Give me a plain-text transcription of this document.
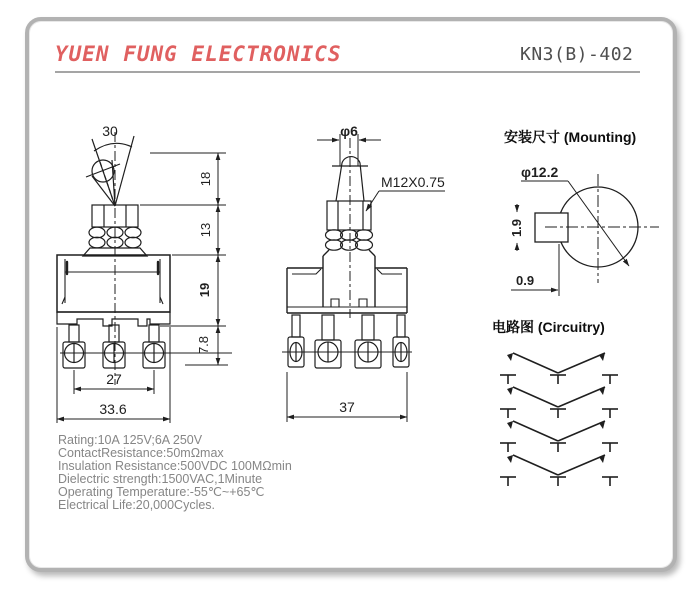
YUEN FUNG ELECTRONICS	KN3(B)-402
安装尺寸 (Mounting)
电路图 (Circuitry)
Rating:10A 125V;6A 250V
ContactResistance:50mΩmax
Insulation Resistance:500VDC 100MΩmin
Dielectric strength:1500VAC,1Minute
Operating Temperature:-55℃~+65℃
Electrical Life:20,000Cycles.
30
18
13
19
7.8
27
33.6
φ6
M12X0.75
37
φ12.2
1.9
0.9
